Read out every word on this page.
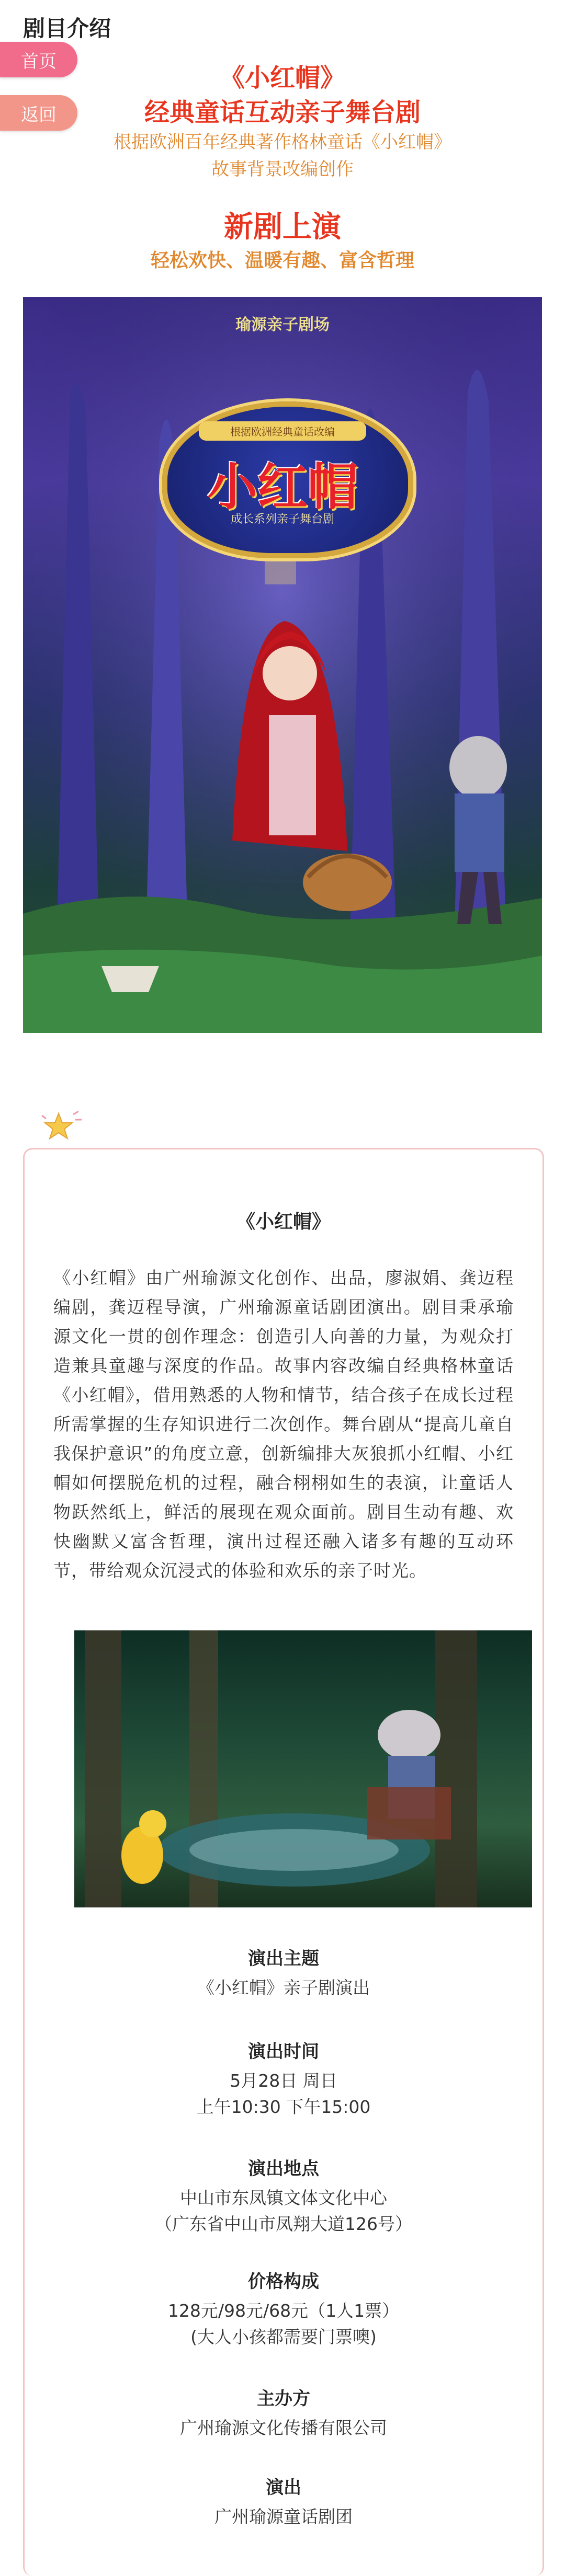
剧目介绍
首页
返回
《小红帽》
经典童话互动亲子舞台剧
根据欧洲百年经典著作格林童话《小红帽》
故事背景改编创作
新剧上演
轻松欢快、温暖有趣、富含哲理
瑜源亲子剧场
根据欧洲经典童话改编
小红帽
成长系列亲子舞台剧
《小红帽》
《小红帽》由广州瑜源文化创作、出品，廖淑娟、龚迈程编剧，龚迈程导演，广州瑜源童话剧团演出。剧目秉承瑜源文化一贯的创作理念：创造引人向善的力量，为观众打造兼具童趣与深度的作品。故事内容改编自经典格林童话《小红帽》，借用熟悉的人物和情节，结合孩子在成长过程所需掌握的生存知识进行二次创作。舞台剧从“提高儿童自我保护意识”的角度立意，创新编排大灰狼抓小红帽、小红帽如何摆脱危机的过程，融合栩栩如生的表演，让童话人物跃然纸上，鲜活的展现在观众面前。剧目生动有趣、欢快幽默又富含哲理，演出过程还融入诸多有趣的互动环节，带给观众沉浸式的体验和欢乐的亲子时光。
演出主题
《小红帽》亲子剧演出
演出时间
5月28日 周日
上午10:30 下午15:00
演出地点
中山市东凤镇文体文化中心
（广东省中山市凤翔大道126号）
价格构成
128元/98元/68元（1人1票）
(大人小孩都需要门票噢)
主办方
广州瑜源文化传播有限公司
演出
广州瑜源童话剧团
